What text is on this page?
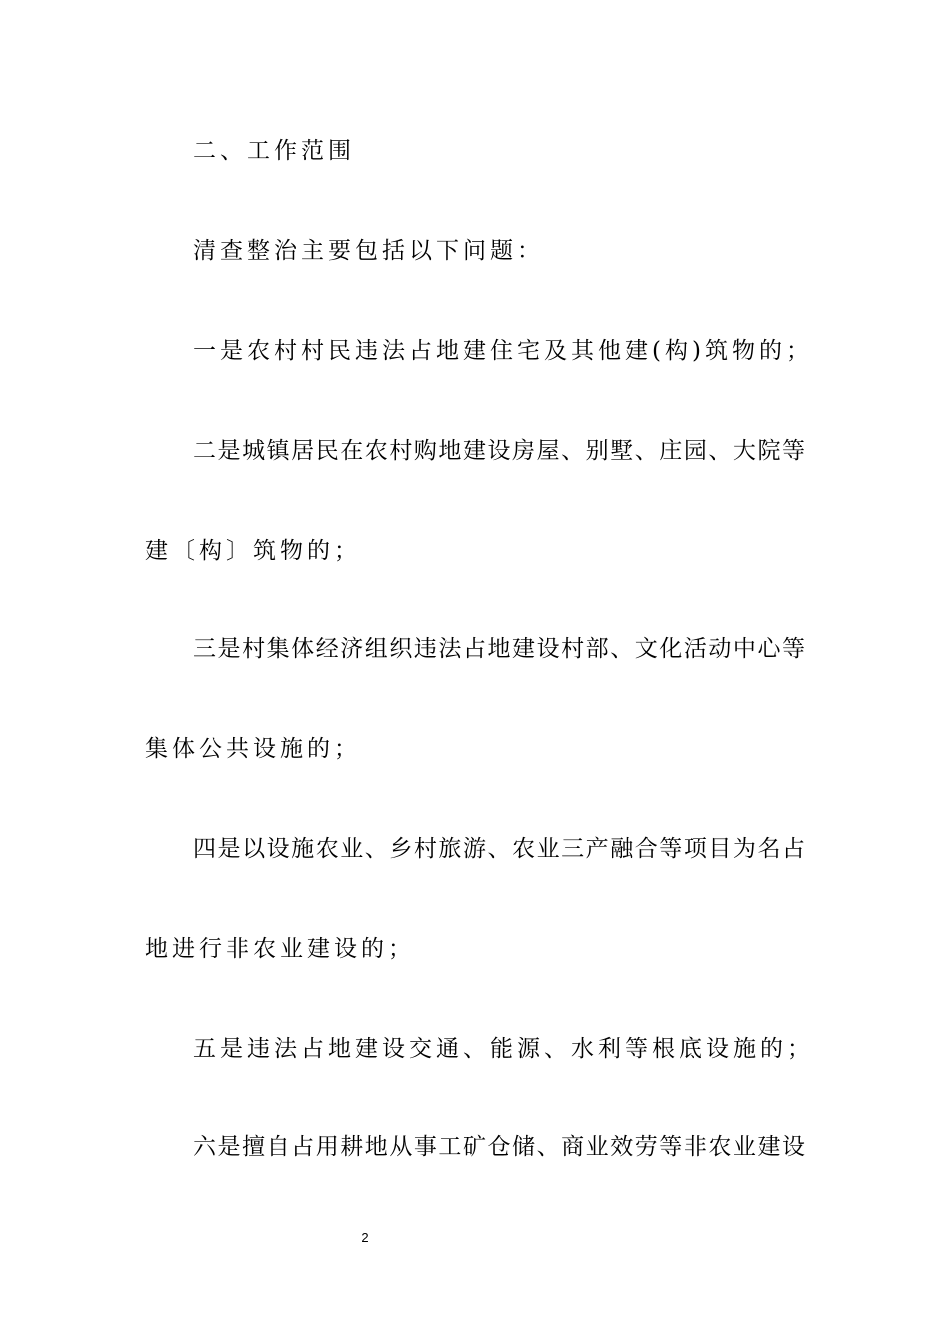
二、工作范围
清查整治主要包括以下问题：
一是农村村民违法占地建住宅及其他建(构)筑物的；
二是城镇居民在农村购地建设房屋、别墅、庄园、大院等
建〔构〕筑物的；
三是村集体经济组织违法占地建设村部、文化活动中心等
集体公共设施的；
四是以设施农业、乡村旅游、农业三产融合等项目为名占
地进行非农业建设的；
五是违法占地建设交通、能源、水利等根底设施的；
六是擅自占用耕地从事工矿仓储、商业效劳等非农业建设
2
